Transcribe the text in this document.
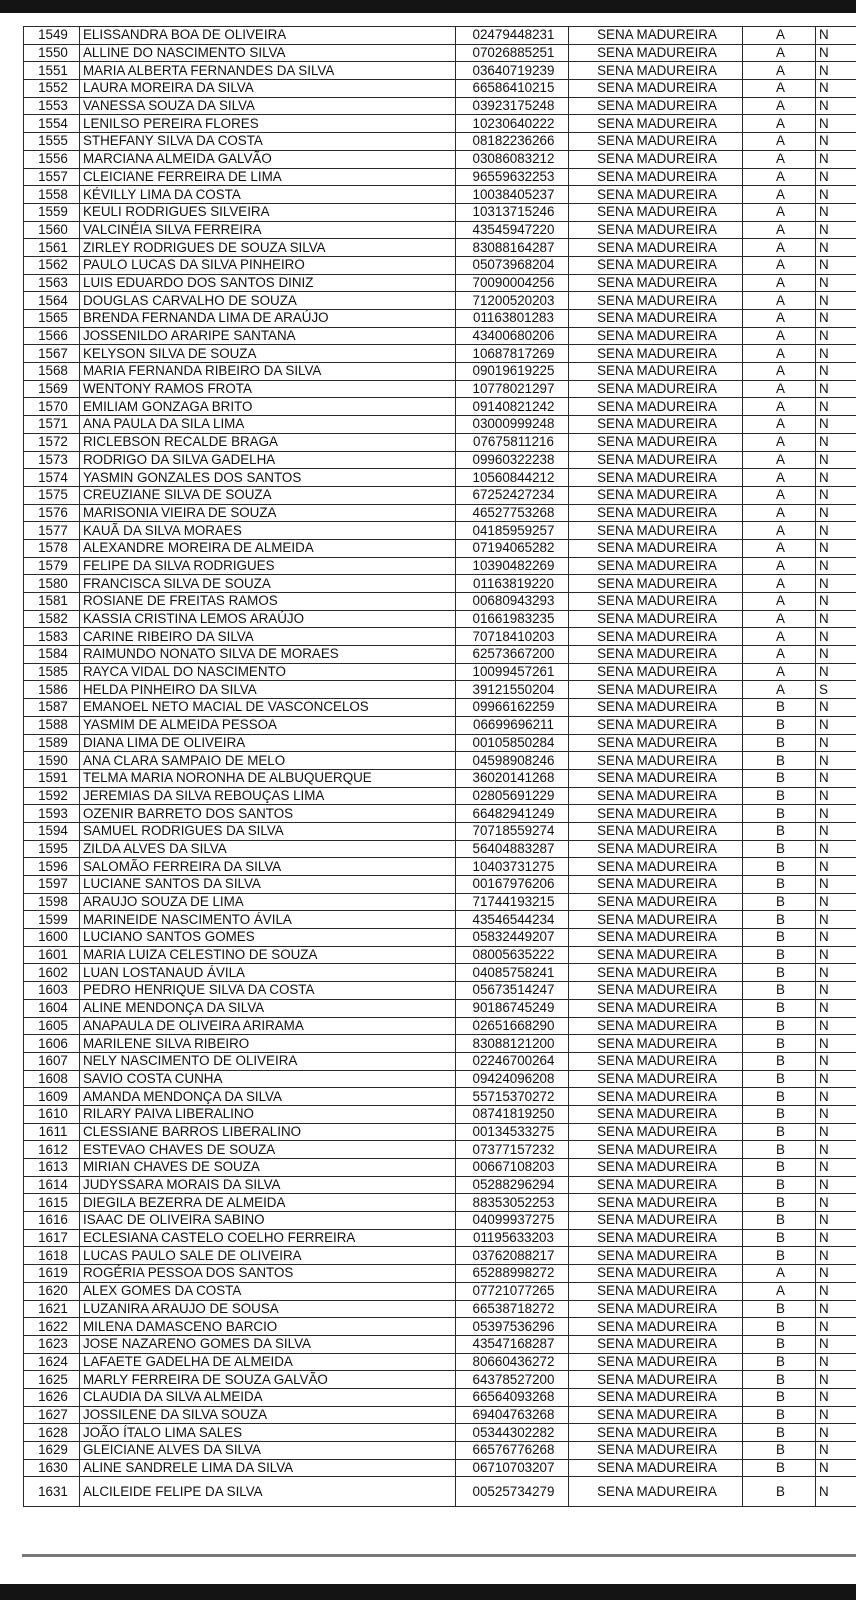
1549	ELISSANDRA BOA DE OLIVEIRA	02479448231	SENA MADUREIRA	A	N
1550	ALLINE DO NASCIMENTO SILVA	07026885251	SENA MADUREIRA	A	N
1551	MARIA ALBERTA FERNANDES DA SILVA	03640719239	SENA MADUREIRA	A	N
1552	LAURA MOREIRA DA SILVA	66586410215	SENA MADUREIRA	A	N
1553	VANESSA SOUZA DA SILVA	03923175248	SENA MADUREIRA	A	N
1554	LENILSO PEREIRA FLORES	10230640222	SENA MADUREIRA	A	N
1555	STHEFANY SILVA DA COSTA	08182236266	SENA MADUREIRA	A	N
1556	MARCIANA ALMEIDA GALVÃO	03086083212	SENA MADUREIRA	A	N
1557	CLEICIANE FERREIRA DE LIMA	96559632253	SENA MADUREIRA	A	N
1558	KÉVILLY LIMA DA COSTA	10038405237	SENA MADUREIRA	A	N
1559	KEULI RODRIGUES SILVEIRA	10313715246	SENA MADUREIRA	A	N
1560	VALCINÉIA SILVA FERREIRA	43545947220	SENA MADUREIRA	A	N
1561	ZIRLEY RODRIGUES DE SOUZA SILVA	83088164287	SENA MADUREIRA	A	N
1562	PAULO LUCAS DA SILVA PINHEIRO	05073968204	SENA MADUREIRA	A	N
1563	LUIS EDUARDO DOS SANTOS DINIZ	70090004256	SENA MADUREIRA	A	N
1564	DOUGLAS CARVALHO DE SOUZA	71200520203	SENA MADUREIRA	A	N
1565	BRENDA FERNANDA LIMA DE ARAÚJO	01163801283	SENA MADUREIRA	A	N
1566	JOSSENILDO ARARIPE SANTANA	43400680206	SENA MADUREIRA	A	N
1567	KELYSON SILVA DE SOUZA	10687817269	SENA MADUREIRA	A	N
1568	MARIA FERNANDA RIBEIRO DA SILVA	09019619225	SENA MADUREIRA	A	N
1569	WENTONY RAMOS FROTA	10778021297	SENA MADUREIRA	A	N
1570	EMILIAM GONZAGA BRITO	09140821242	SENA MADUREIRA	A	N
1571	ANA PAULA DA SILA LIMA	03000999248	SENA MADUREIRA	A	N
1572	RICLEBSON RECALDE BRAGA	07675811216	SENA MADUREIRA	A	N
1573	RODRIGO DA SILVA GADELHA	09960322238	SENA MADUREIRA	A	N
1574	YASMIN GONZALES DOS SANTOS	10560844212	SENA MADUREIRA	A	N
1575	CREUZIANE SILVA DE SOUZA	67252427234	SENA MADUREIRA	A	N
1576	MARISONIA VIEIRA DE SOUZA	46527753268	SENA MADUREIRA	A	N
1577	KAUÃ DA SILVA MORAES	04185959257	SENA MADUREIRA	A	N
1578	ALEXANDRE MOREIRA DE ALMEIDA	07194065282	SENA MADUREIRA	A	N
1579	FELIPE DA SILVA RODRIGUES	10390482269	SENA MADUREIRA	A	N
1580	FRANCISCA SILVA DE SOUZA	01163819220	SENA MADUREIRA	A	N
1581	ROSIANE DE FREITAS RAMOS	00680943293	SENA MADUREIRA	A	N
1582	KASSIA CRISTINA LEMOS ARAÚJO	01661983235	SENA MADUREIRA	A	N
1583	CARINE RIBEIRO DA SILVA	70718410203	SENA MADUREIRA	A	N
1584	RAIMUNDO NONATO SILVA DE MORAES	62573667200	SENA MADUREIRA	A	N
1585	RAYCA VIDAL DO NASCIMENTO	10099457261	SENA MADUREIRA	A	N
1586	HELDA PINHEIRO DA SILVA	39121550204	SENA MADUREIRA	A	S
1587	EMANOEL NETO MACIAL DE VASCONCELOS	09966162259	SENA MADUREIRA	B	N
1588	YASMIM DE ALMEIDA PESSOA	06699696211	SENA MADUREIRA	B	N
1589	DIANA LIMA DE OLIVEIRA	00105850284	SENA MADUREIRA	B	N
1590	ANA CLARA SAMPAIO DE MELO	04598908246	SENA MADUREIRA	B	N
1591	TELMA MARIA NORONHA DE ALBUQUERQUE	36020141268	SENA MADUREIRA	B	N
1592	JEREMIAS DA SILVA REBOUÇAS LIMA	02805691229	SENA MADUREIRA	B	N
1593	OZENIR BARRETO DOS SANTOS	66482941249	SENA MADUREIRA	B	N
1594	SAMUEL RODRIGUES DA SILVA	70718559274	SENA MADUREIRA	B	N
1595	ZILDA ALVES DA SILVA	56404883287	SENA MADUREIRA	B	N
1596	SALOMÃO FERREIRA DA SILVA	10403731275	SENA MADUREIRA	B	N
1597	LUCIANE SANTOS DA SILVA	00167976206	SENA MADUREIRA	B	N
1598	ARAUJO SOUZA DE LIMA	71744193215	SENA MADUREIRA	B	N
1599	MARINEIDE NASCIMENTO ÁVILA	43546544234	SENA MADUREIRA	B	N
1600	LUCIANO SANTOS GOMES	05832449207	SENA MADUREIRA	B	N
1601	MARIA LUIZA CELESTINO DE SOUZA	08005635222	SENA MADUREIRA	B	N
1602	LUAN LOSTANAUD ÁVILA	04085758241	SENA MADUREIRA	B	N
1603	PEDRO HENRIQUE SILVA DA COSTA	05673514247	SENA MADUREIRA	B	N
1604	ALINE MENDONÇA DA SILVA	90186745249	SENA MADUREIRA	B	N
1605	ANAPAULA DE OLIVEIRA ARIRAMA	02651668290	SENA MADUREIRA	B	N
1606	MARILENE SILVA RIBEIRO	83088121200	SENA MADUREIRA	B	N
1607	NELY NASCIMENTO DE OLIVEIRA	02246700264	SENA MADUREIRA	B	N
1608	SAVIO COSTA CUNHA	09424096208	SENA MADUREIRA	B	N
1609	AMANDA MENDONÇA DA SILVA	55715370272	SENA MADUREIRA	B	N
1610	RILARY PAIVA LIBERALINO	08741819250	SENA MADUREIRA	B	N
1611	CLESSIANE BARROS LIBERALINO	00134533275	SENA MADUREIRA	B	N
1612	ESTEVAO CHAVES DE SOUZA	07377157232	SENA MADUREIRA	B	N
1613	MIRIAN CHAVES DE SOUZA	00667108203	SENA MADUREIRA	B	N
1614	JUDYSSARA MORAIS DA SILVA	05288296294	SENA MADUREIRA	B	N
1615	DIEGILA BEZERRA DE ALMEIDA	88353052253	SENA MADUREIRA	B	N
1616	ISAAC DE OLIVEIRA SABINO	04099937275	SENA MADUREIRA	B	N
1617	ECLESIANA CASTELO COELHO FERREIRA	01195633203	SENA MADUREIRA	B	N
1618	LUCAS PAULO SALE DE OLIVEIRA	03762088217	SENA MADUREIRA	B	N
1619	ROGÉRIA PESSOA DOS SANTOS	65288998272	SENA MADUREIRA	A	N
1620	ALEX GOMES DA COSTA	07721077265	SENA MADUREIRA	A	N
1621	LUZANIRA ARAUJO DE SOUSA	66538718272	SENA MADUREIRA	B	N
1622	MILENA DAMASCENO BARCIO	05397536296	SENA MADUREIRA	B	N
1623	JOSE NAZARENO GOMES DA SILVA	43547168287	SENA MADUREIRA	B	N
1624	LAFAETE GADELHA DE ALMEIDA	80660436272	SENA MADUREIRA	B	N
1625	MARLY FERREIRA DE SOUZA GALVÃO	64378527200	SENA MADUREIRA	B	N
1626	CLAUDIA DA SILVA ALMEIDA	66564093268	SENA MADUREIRA	B	N
1627	JOSSILENE DA SILVA SOUZA	69404763268	SENA MADUREIRA	B	N
1628	JOÃO ÍTALO LIMA SALES	05344302282	SENA MADUREIRA	B	N
1629	GLEICIANE ALVES DA SILVA	66576776268	SENA MADUREIRA	B	N
1630	ALINE SANDRELE LIMA DA SILVA	06710703207	SENA MADUREIRA	B	N
1631	ALCILEIDE FELIPE DA SILVA	00525734279	SENA MADUREIRA	B	N
